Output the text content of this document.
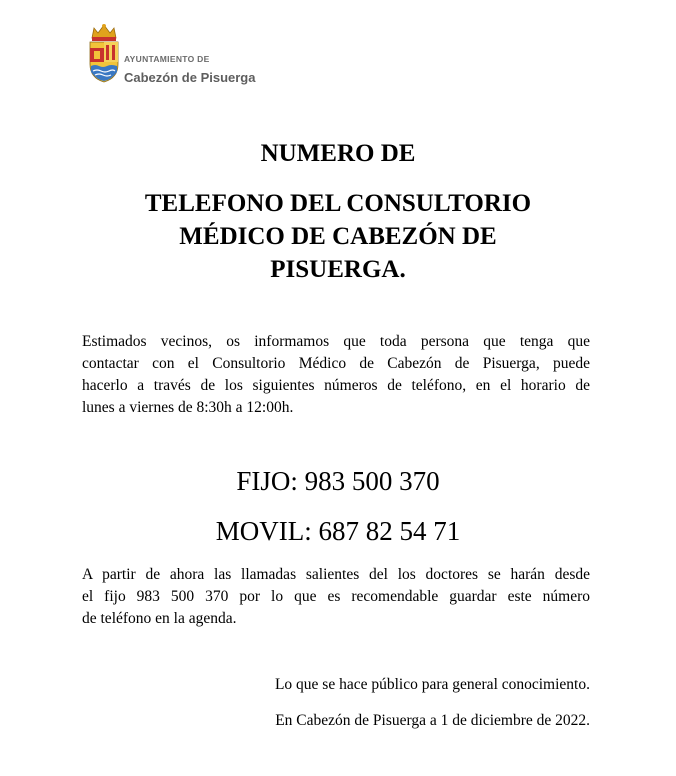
AYUNTAMIENTO DE
Cabezón de Pisuerga
NUMERO DE
TELEFONO DEL CONSULTORIO
MÉDICO DE CABEZÓN DE
PISUERGA.
Estimados vecinos, os informamos que toda persona que tenga que
contactar con el Consultorio Médico de Cabezón de Pisuerga, puede
hacerlo a través de los siguientes números de teléfono, en el horario de
lunes a viernes de 8:30h a 12:00h.
FIJO: 983 500 370
MOVIL: 687 82 54 71
A partir de ahora las llamadas salientes del los doctores se harán desde
el fijo 983 500 370 por lo que es recomendable guardar este número
de teléfono en la agenda.
Lo que se hace público para general conocimiento.
En Cabezón de Pisuerga a 1 de diciembre de 2022.
